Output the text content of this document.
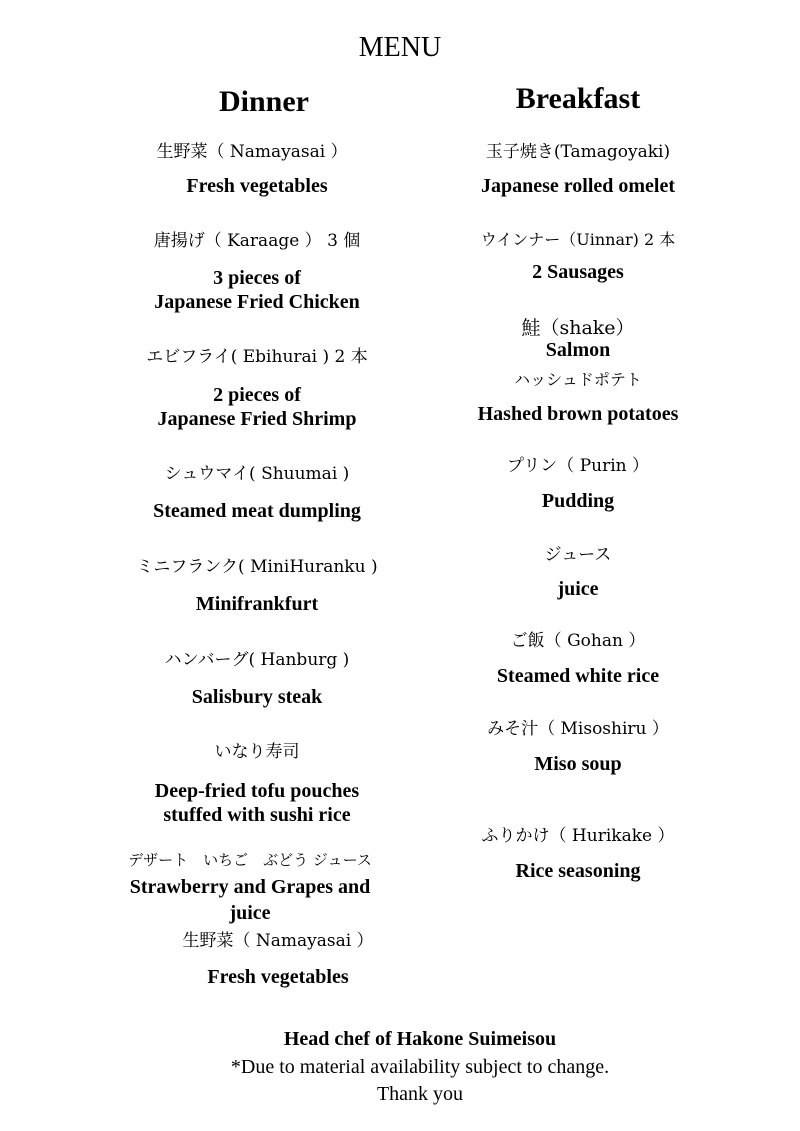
MENU
Dinner	Breakfast
生野菜（ Namayasai ）
Fresh vegetables
唐揚げ（ Karaage ） 3 個
3 pieces of
Japanese Fried Chicken
エビフライ( Ebihurai ) 2 本
2 pieces of
Japanese Fried Shrimp
シュウマイ( Shuumai )
Steamed meat dumpling
ミニフランク( MiniHuranku )
Minifrankfurt
ハンバーグ( Hanburg )
Salisbury steak
いなり寿司
Deep-fried tofu pouches
stuffed with sushi rice
デザート　いちご　ぶどう ジュース
Strawberry and Grapes and
juice
生野菜（ Namayasai ）
Fresh vegetables
玉子焼き(Tamagoyaki)
Japanese rolled omelet
ウインナー（Uinnar) 2 本
2 Sausages
鮭（shake）
Salmon
ハッシュドポテト
Hashed brown potatoes
プリン（ Purin ）
Pudding
ジュース
juice
ご飯（ Gohan ）
Steamed white rice
みそ汁（ Misoshiru ）
Miso soup
ふりかけ（ Hurikake ）
Rice seasoning
Head chef of Hakone Suimeisou
*Due to material availability subject to change.
Thank you
